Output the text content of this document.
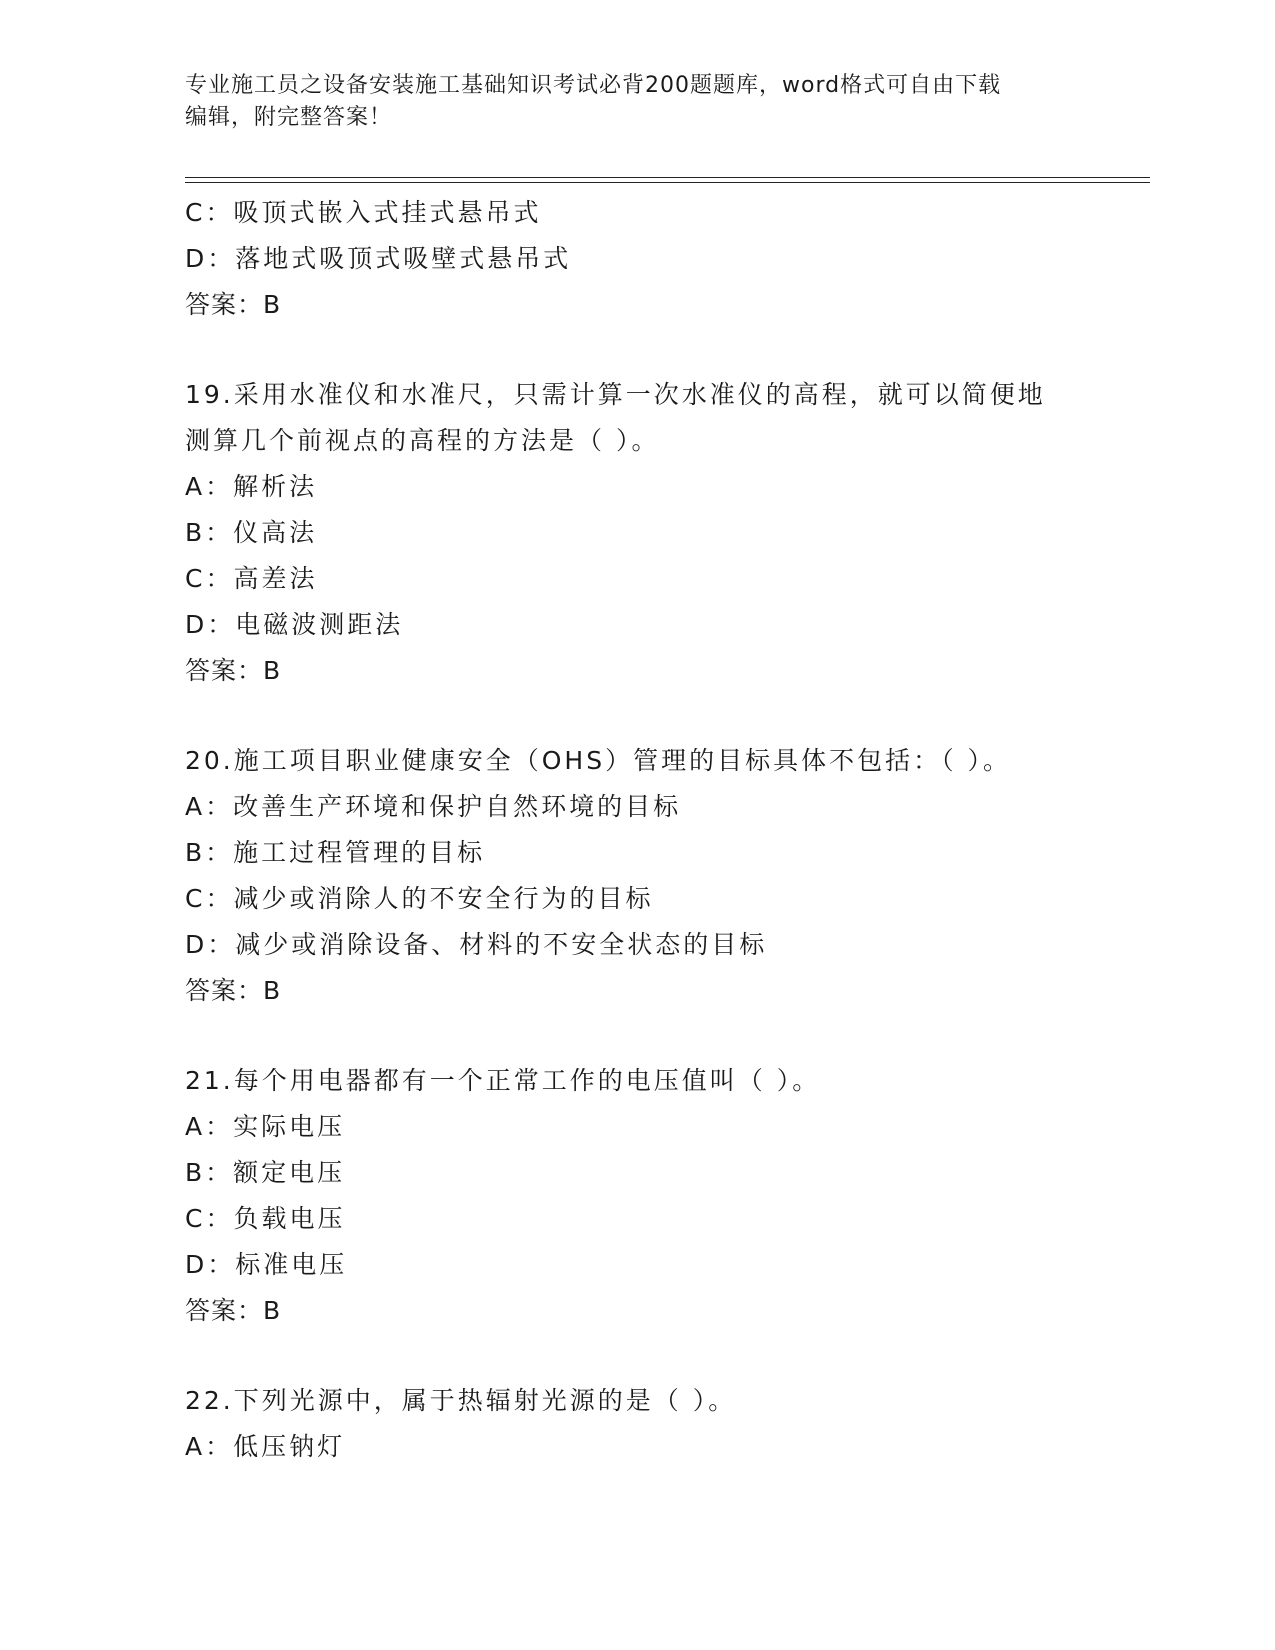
专业施工员之设备安装施工基础知识考试必背200题题库，word格式可自由下载
编辑，附完整答案！
C：吸顶式嵌入式挂式悬吊式
D：落地式吸顶式吸壁式悬吊式
答案：B
19.采用水准仪和水准尺，只需计算一次水准仪的高程，就可以简便地
测算几个前视点的高程的方法是（ ）。
A：解析法
B：仪高法
C：高差法
D：电磁波测距法
答案：B
20.施工项目职业健康安全（OHS）管理的目标具体不包括：（ ）。
A：改善生产环境和保护自然环境的目标
B：施工过程管理的目标
C：减少或消除人的不安全行为的目标
D：减少或消除设备、材料的不安全状态的目标
答案：B
21.每个用电器都有一个正常工作的电压值叫（ ）。
A：实际电压
B：额定电压
C：负载电压
D：标准电压
答案：B
22.下列光源中，属于热辐射光源的是（ ）。
A：低压钠灯
